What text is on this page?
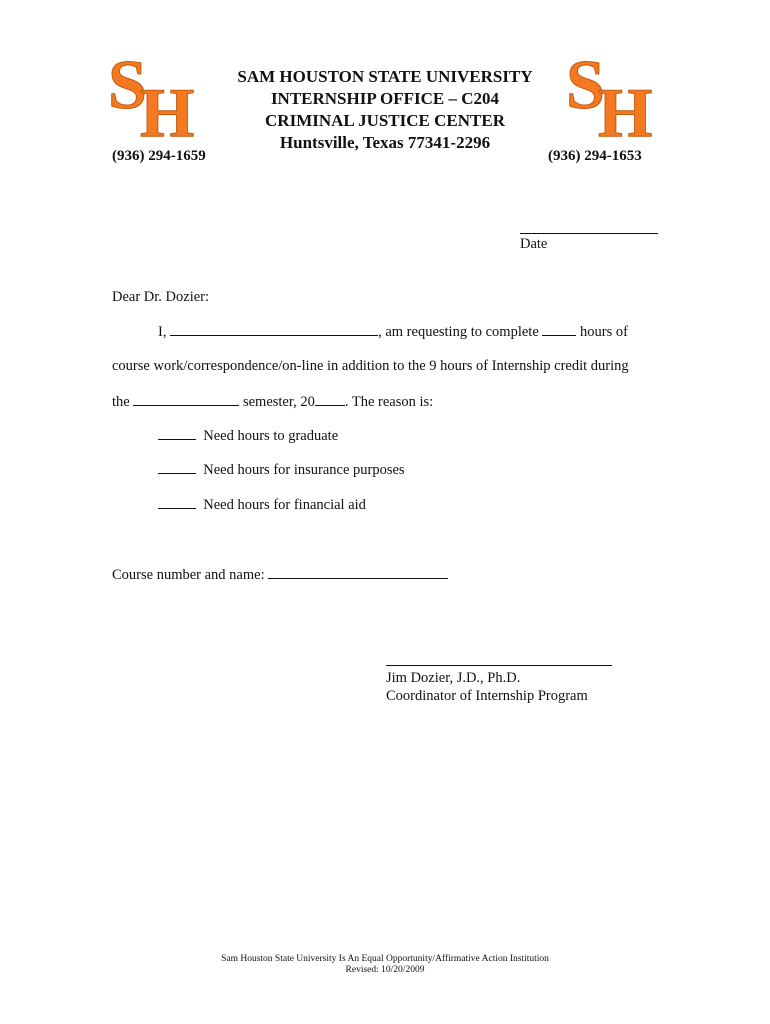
S
H	S
H
SAM HOUSTON STATE UNIVERSITY
INTERNSHIP OFFICE – C204
CRIMINAL JUSTICE CENTER
Huntsville, Texas 77341-2296
(936) 294-1659	(936) 294-1653
Date
Dear Dr. Dozier:
I,	, am requesting to complete  hours of
course work/correspondence/on-line in addition to the 9 hours of Internship credit during
the	semester, 20 . The reason is:
Need hours to graduate
Need hours for insurance purposes
Need hours for financial aid
Course number and name:
Jim Dozier, J.D., Ph.D.
Coordinator of Internship Program
Sam Houston State University Is An Equal Opportunity/Affirmative Action Institution
Revised: 10/20/2009
